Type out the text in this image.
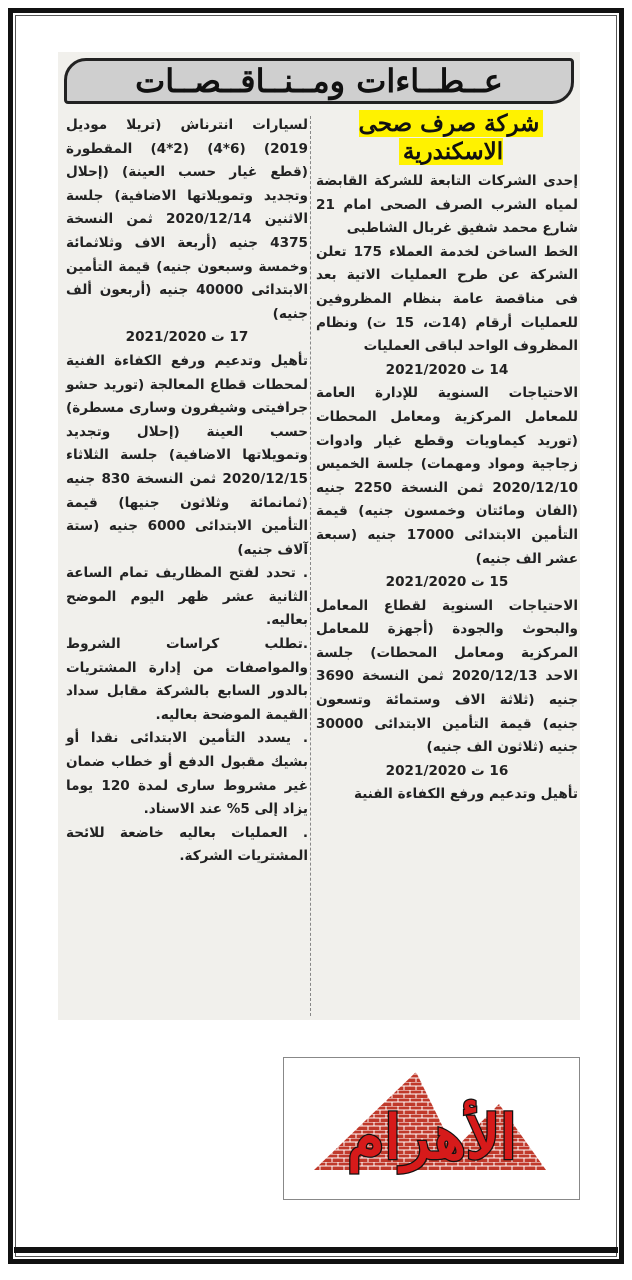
عــطــاءات ومــنــاقــصــات
شركة صرف صحى الاسكندرية

إحدى الشركات التابعة للشركة القابضة لمياه الشرب الصرف الصحى امام 21 شارع محمد شفيق غربال الشاطبى

الخط الساخن لخدمة العملاء 175 تعلن الشركة عن طرح العمليات الاتية بعد فى مناقصة عامة بنظام المظروفين للعمليات أرقام (14ت، 15 ت) ونظام المظروف الواحد لباقى العمليات

14 ت 2021/2020

الاحتياجات السنوية للإدارة العامة للمعامل المركزية ومعامل المحطات (توريد كيماويات وقطع غيار وادوات زجاجية ومواد ومهمات) جلسة الخميس 2020/12/10 ثمن النسخة 2250 جنيه (الفان ومائتان وخمسون جنيه) قيمة التأمين الابتدائى 17000 جنيه (سبعة عشر الف جنيه)

15 ت 2021/2020

الاحتياجات السنوية لقطاع المعامل والبحوث والجودة (أجهزة للمعامل المركزية ومعامل المحطات) جلسة الاحد 2020/12/13 ثمن النسخة 3690 جنيه (ثلاثة الاف وستمائة وتسعون جنيه) قيمة التأمين الابتدائى 30000 جنيه (ثلاثون الف جنيه)

16 ت 2021/2020

تأهيل وتدعيم ورفع الكفاءة الفنية

لسيارات انترناش (تريلا موديل 2019) (6*4) (2*4) المقطورة (قطع غيار حسب العينة) (إحلال وتجديد وتمويلاتها الاضافية) جلسة الاثنين 2020/12/14 ثمن النسخة 4375 جنيه (أربعة الاف وثلاثمائة وخمسة وسبعون جنيه) قيمة التأمين الابتدائى 40000 جنيه (أربعون ألف جنيه)

17 ت 2021/2020

تأهيل وتدعيم ورفع الكفاءة الفنية لمحطات قطاع المعالجة (توريد حشو جرافيتى وشيفرون وسارى مسطرة) حسب العينة (إحلال وتجديد وتمويلاتها الاضافية) جلسة الثلاثاء 2020/12/15 ثمن النسخة 830 جنيه (ثمانمائة وثلاثون جنيها) قيمة التأمين الابتدائى 6000 جنيه (ستة آلاف جنيه)

. تحدد لفتح المظاريف تمام الساعة الثانية عشر ظهر اليوم الموضح بعاليه.

.تطلب كراسات الشروط والمواصفات من إدارة المشتريات بالدور السابع بالشركة مقابل سداد القيمة الموضحة بعاليه.

. يسدد التأمين الابتدائى نقدا أو بشيك مقبول الدفع أو خطاب ضمان غير مشروط سارى لمدة 120 يوما يزاد إلى 5% عند الاسناد.

. العمليات بعاليه خاضعة للائحة المشتريات الشركة.

الأهرام
